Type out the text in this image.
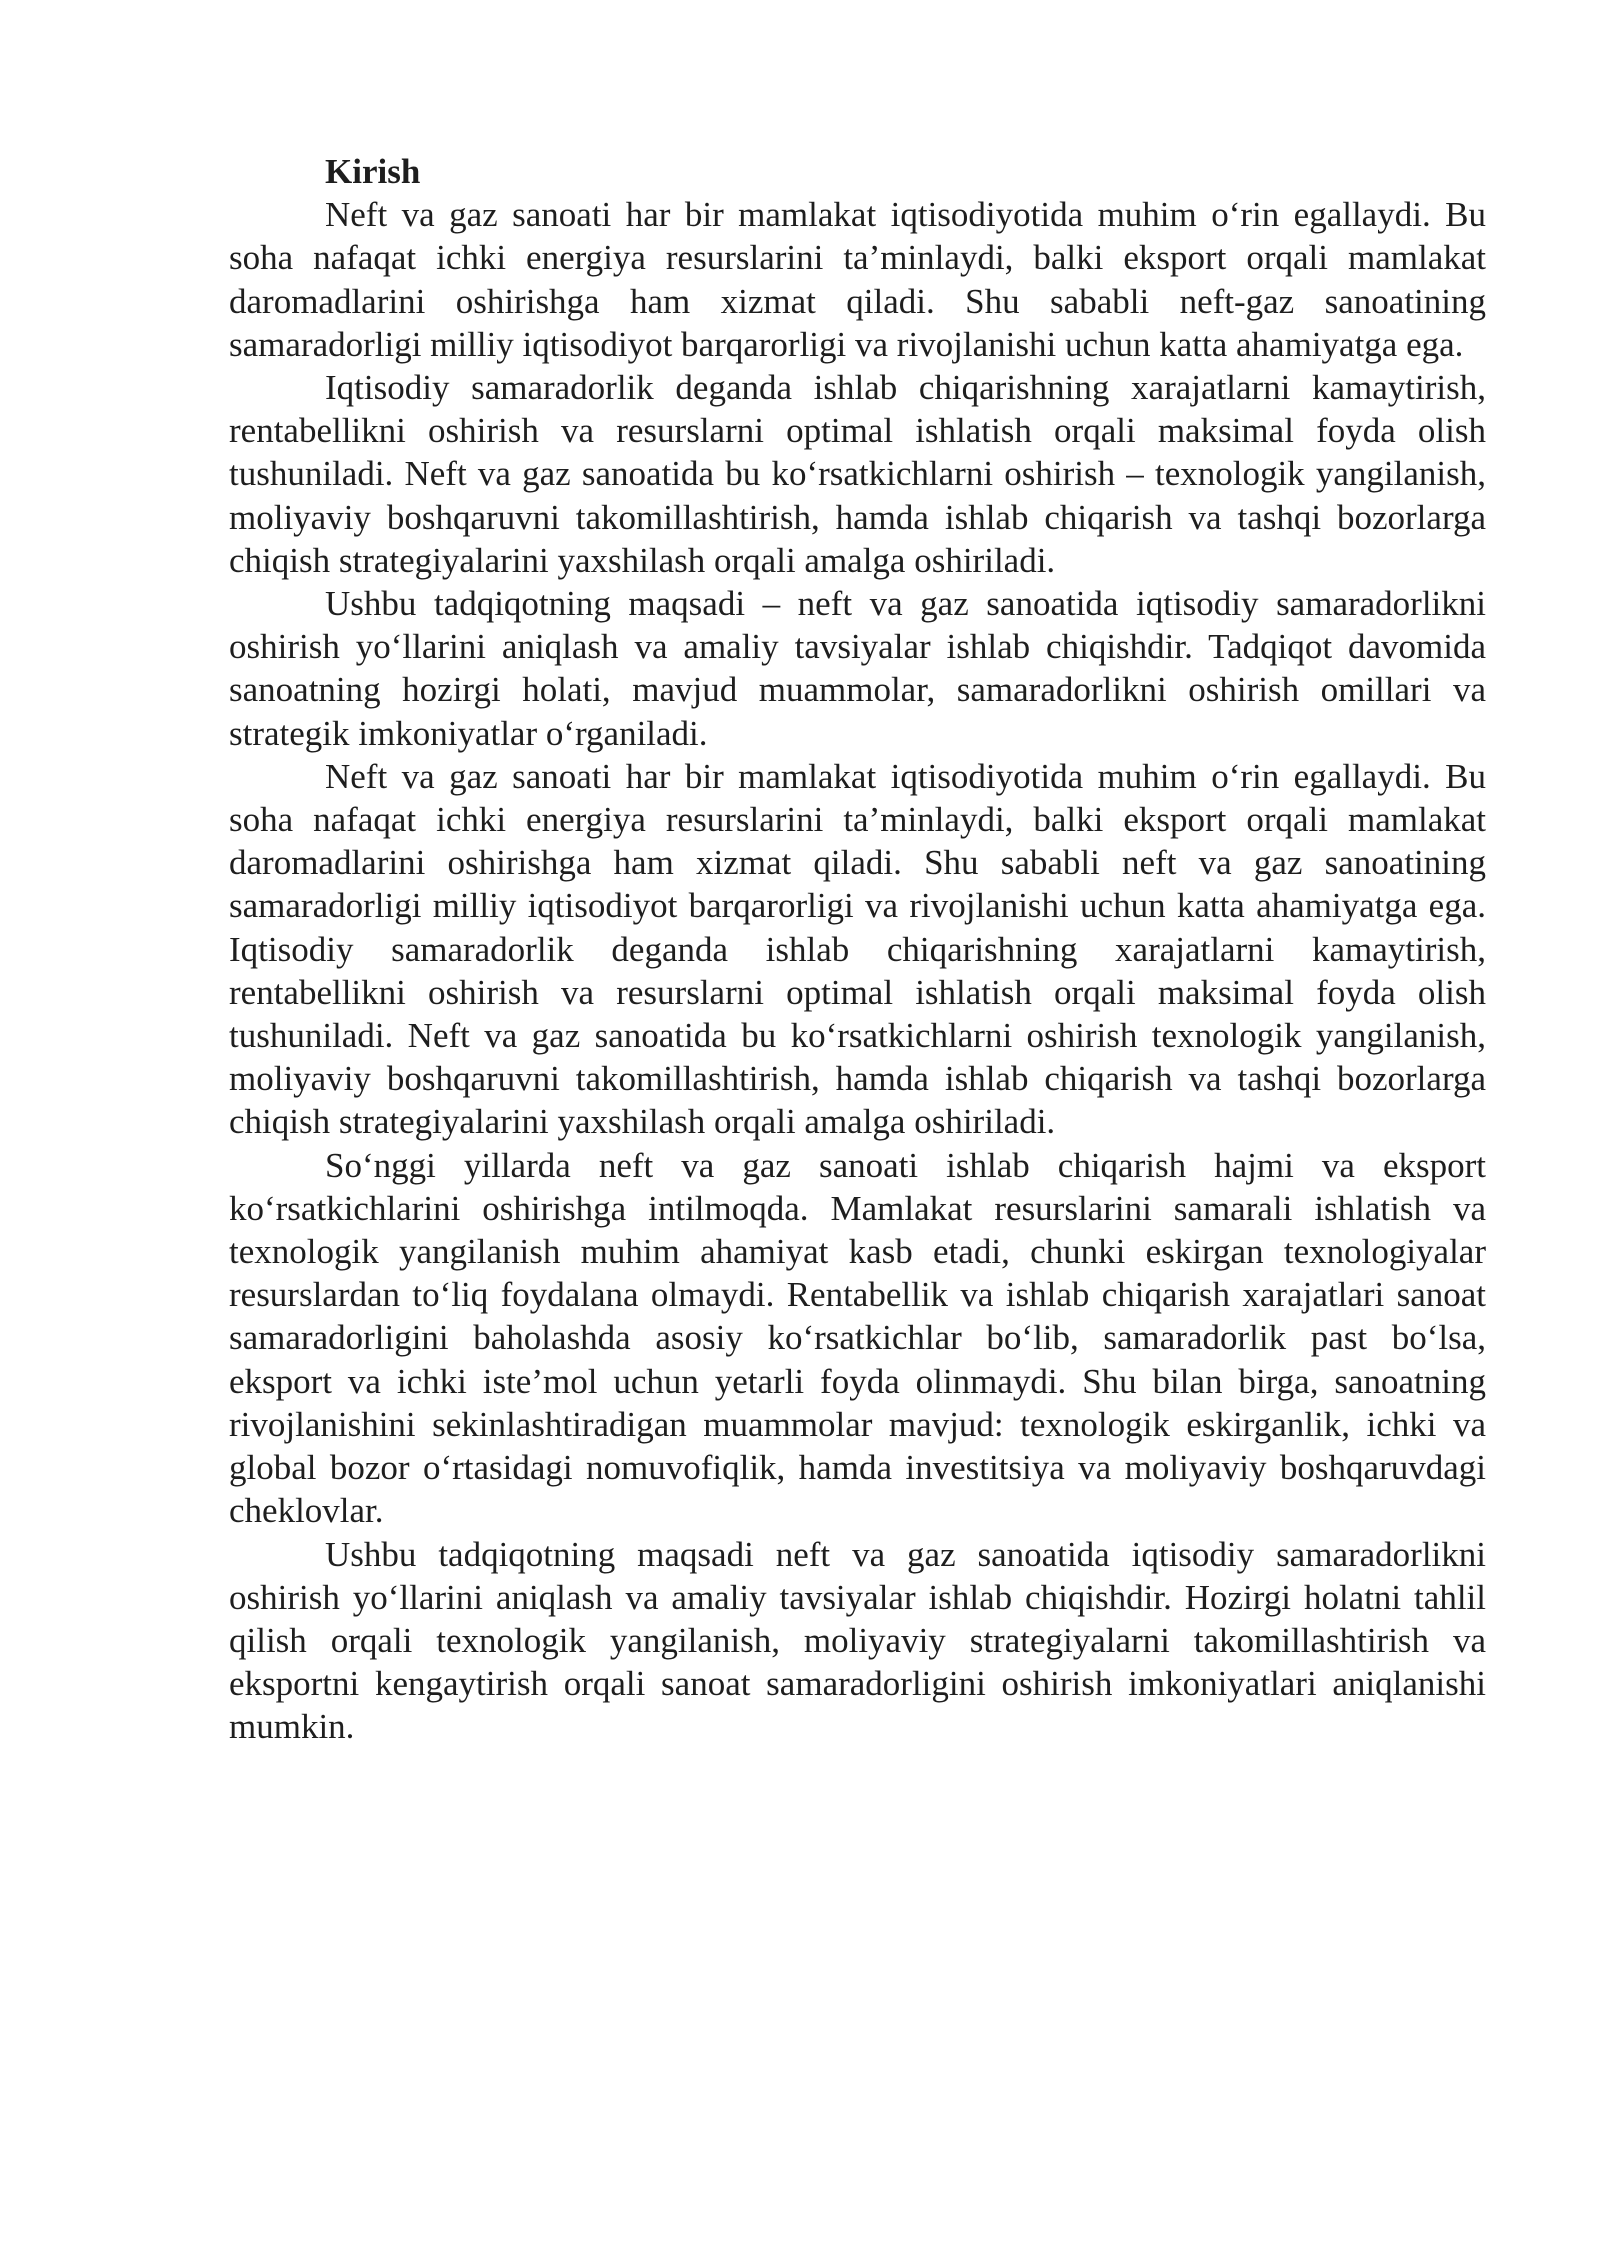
Kirish

Neft va gaz sanoati har bir mamlakat iqtisodiyotida muhim o‘rin egallaydi. Bu soha nafaqat ichki energiya resurslarini ta’minlaydi, balki eksport orqali mamlakat daromadlarini oshirishga ham xizmat qiladi. Shu sababli neft-gaz sanoatining samaradorligi milliy iqtisodiyot barqarorligi va rivojlanishi uchun katta ahamiyatga ega.

Iqtisodiy samaradorlik deganda ishlab chiqarishning xarajatlarni kamaytirish, rentabellikni oshirish va resurslarni optimal ishlatish orqali maksimal foyda olish tushuniladi. Neft va gaz sanoatida bu ko‘rsatkichlarni oshirish – texnologik yangilanish, moliyaviy boshqaruvni takomillashtirish, hamda ishlab chiqarish va tashqi bozorlarga chiqish strategiyalarini yaxshilash orqali amalga oshiriladi.

Ushbu tadqiqotning maqsadi – neft va gaz sanoatida iqtisodiy samaradorlikni oshirish yo‘llarini aniqlash va amaliy tavsiyalar ishlab chiqishdir. Tadqiqot davomida sanoatning hozirgi holati, mavjud muammolar, samaradorlikni oshirish omillari va strategik imkoniyatlar o‘rganiladi.

Neft va gaz sanoati har bir mamlakat iqtisodiyotida muhim o‘rin egallaydi. Bu soha nafaqat ichki energiya resurslarini ta’minlaydi, balki eksport orqali mamlakat daromadlarini oshirishga ham xizmat qiladi. Shu sababli neft va gaz sanoatining samaradorligi milliy iqtisodiyot barqarorligi va rivojlanishi uchun katta ahamiyatga ega. Iqtisodiy samaradorlik deganda ishlab chiqarishning xarajatlarni kamaytirish, rentabellikni oshirish va resurslarni optimal ishlatish orqali maksimal foyda olish tushuniladi. Neft va gaz sanoatida bu ko‘rsatkichlarni oshirish texnologik yangilanish, moliyaviy boshqaruvni takomillashtirish, hamda ishlab chiqarish va tashqi bozorlarga chiqish strategiyalarini yaxshilash orqali amalga oshiriladi.

So‘nggi yillarda neft va gaz sanoati ishlab chiqarish hajmi va eksport ko‘rsatkichlarini oshirishga intilmoqda. Mamlakat resurslarini samarali ishlatish va texnologik yangilanish muhim ahamiyat kasb etadi, chunki eskirgan texnologiyalar resurslardan to‘liq foydalana olmaydi. Rentabellik va ishlab chiqarish xarajatlari sanoat samaradorligini baholashda asosiy ko‘rsatkichlar bo‘lib, samaradorlik past bo‘lsa, eksport va ichki iste’mol uchun yetarli foyda olinmaydi. Shu bilan birga, sanoatning rivojlanishini sekinlashtiradigan muammolar mavjud: texnologik eskirganlik, ichki va global bozor o‘rtasidagi nomuvofiqlik, hamda investitsiya va moliyaviy boshqaruvdagi cheklovlar.

Ushbu tadqiqotning maqsadi neft va gaz sanoatida iqtisodiy samaradorlikni oshirish yo‘llarini aniqlash va amaliy tavsiyalar ishlab chiqishdir. Hozirgi holatni tahlil qilish orqali texnologik yangilanish, moliyaviy strategiyalarni takomillashtirish va eksportni kengaytirish orqali sanoat samaradorligini oshirish imkoniyatlari aniqlanishi mumkin.
